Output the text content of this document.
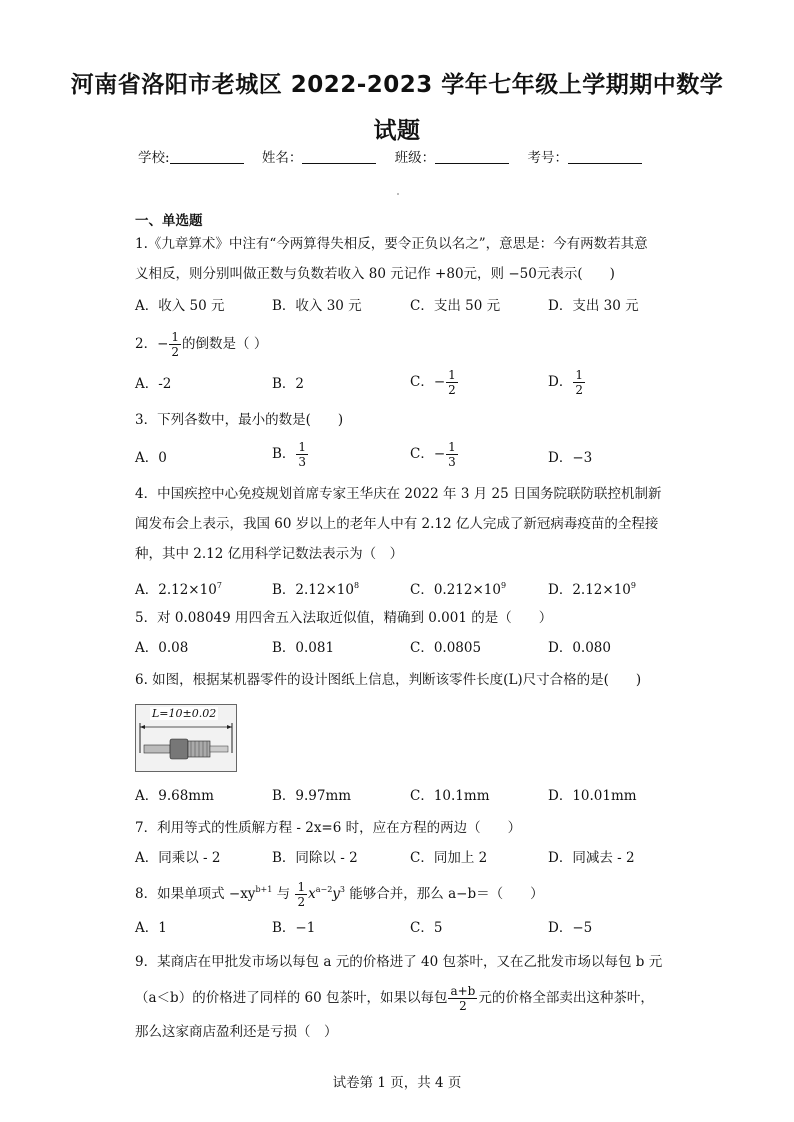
河南省洛阳市老城区 2022-2023 学年七年级上学期期中数学
试题
学校:	姓名：	班级：	考号：
一、单选题
1.《九章算术》中注有“今两算得失相反，要令正负以名之”，意思是：今有两数若其意
义相反，则分别叫做正数与负数若收入 80 元记作 +80元，则 −50元表示(　　)
A．收入 50 元	B．收入 30 元	C．支出 50 元	D．支出 30 元
2．− $\frac{1}{2}$ 的倒数是（ ）
A．-2	B．2	C．− $\frac{1}{2}$	D． $\frac{1}{2}$
3．下列各数中，最小的数是(　　)
A．0	B． $\frac{1}{3}$	C．− $\frac{1}{3}$	D．−3
4．中国疾控中心免疫规划首席专家王华庆在 2022 年 3 月 25 日国务院联防联控机制新
闻发布会上表示，我国 60 岁以上的老年人中有 2.12 亿人完成了新冠病毒疫苗的全程接
种，其中 2.12 亿用科学记数法表示为（　）
A．$2.12\times 10^7$	B．$2.12\times 10^8$	C．$0.212\times 10^9$	D．$2.12\times 10^9$
5．对 0.08049 用四舍五入法取近似值，精确到 0.001 的是（　　）
A．0.08	B．0.081	C．0.0805	D．0.080
6. 如图，根据某机器零件的设计图纸上信息，判断该零件长度(L)尺寸合格的是(　　)
L=10±0.02
A．9.68mm	B．9.97mm	C．10.1mm	D．10.01mm
7．利用等式的性质解方程 - 2x=6 时，应在方程的两边（　　）
A．同乘以 - 2	B．同除以 - 2	C．同加上 2	D．同减去 - 2
8．如果单项式 $-xy^{b+1}$ 与 $\frac{1}{2} x^{a-2}y^3$ 能够合并，那么 a−b＝（　　）
A．1	B．−1	C．5	D．−5
9．某商店在甲批发市场以每包 a 元的价格进了 40 包茶叶，又在乙批发市场以每包 b 元
（a＜b）的价格进了同样的 60 包茶叶，如果以每包 $\frac{a+b}{2}$ 元的价格全部卖出这种茶叶，
那么这家商店盈利还是亏损（　）
试卷第 1 页，共 4 页
